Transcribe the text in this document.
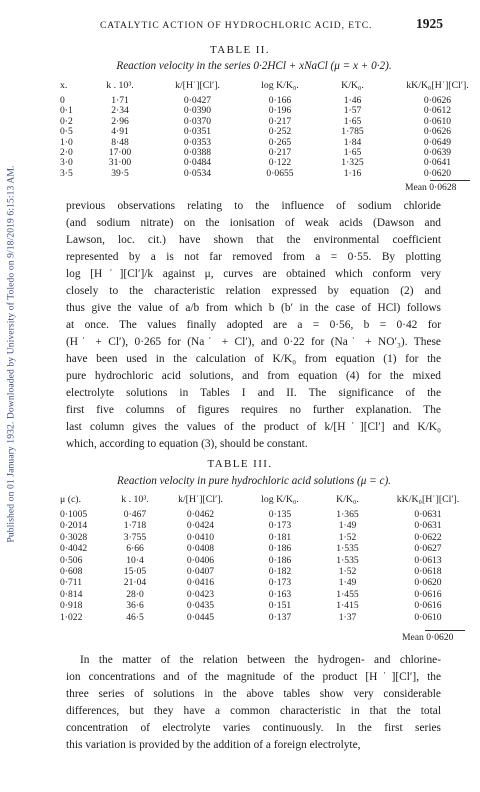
Published on 01 January 1932. Downloaded by University of Toledo on 9/18/2019 6:15:13 AM.
CATALYTIC ACTION OF HYDROCHLORIC ACID, ETC.	1925
TABLE II.
Reaction velocity in the series 0·2HCl + xNaCl (μ = x + 0·2).
x.	k . 10³.	k/[H˙][Cl′].	log K/K₀.	K/K₀.	kK/K₀[H˙][Cl′].
0	1·71	0·0427	0·166	1·46	0·0626
0·1	2·34	0·0390	0·196	1·57	0·0612
0·2	2·96	0·0370	0·217	1·65	0·0610
0·5	4·91	0·0351	0·252	1·785	0·0626
1·0	8·48	0·0353	0·265	1·84	0·0649
2·0	17·00	0·0388	0·217	1·65	0·0639
3·0	31·00	0·0484	0·122	1·325	0·0641
3·5	39·5	0·0534	0·0655	1·16	0·0620
Mean 0·0628
previous observations relating to the influence of sodium chloride
(and sodium nitrate) on the ionisation of weak acids (Dawson and
Lawson, loc. cit.) have shown that the environmental coefficient
represented by a is not far removed from a = 0·55. By plotting
log [H˙][Cl′]/k against μ, curves are obtained which conform very
closely to the characteristic relation expressed by equation (2) and
thus give the value of a/b from which b (b′ in the case of HCl) follows
at once. The values finally adopted are a = 0·56, b = 0·42 for
(H˙ + Cl′), 0·265 for (Na˙ + Cl′), and 0·22 for (Na˙ + NO′₃). These
have been used in the calculation of K/K₀ from equation (1) for the
pure hydrochloric acid solutions, and from equation (4) for the mixed
electrolyte solutions in Tables I and II. The significance of the
first five columns of figures requires no further explanation. The
last column gives the values of the product of k/[H˙][Cl′] and K/K₀
which, according to equation (3), should be constant.
TABLE III.
Reaction velocity in pure hydrochloric acid solutions (μ = c).
μ (c).	k . 10³.	k/[H˙][Cl′].	log K/K₀.	K/K₀.	kK/K₀[H˙][Cl′].
0·1005	0·467	0·0462	0·135	1·365	0·0631
0·2014	1·718	0·0424	0·173	1·49	0·0631
0·3028	3·755	0·0410	0·181	1·52	0·0622
0·4042	6·66	0·0408	0·186	1·535	0·0627
0·506	10·4	0·0406	0·186	1·535	0·0613
0·608	15·05	0·0407	0·182	1·52	0·0618
0·711	21·04	0·0416	0·173	1·49	0·0620
0·814	28·0	0·0423	0·163	1·455	0·0616
0·918	36·6	0·0435	0·151	1·415	0·0616
1·022	46·5	0·0445	0·137	1·37	0·0610
Mean 0·0620
In the matter of the relation between the hydrogen- and chlorine-
ion concentrations and of the magnitude of the product [H˙][Cl′], the
three series of solutions in the above tables show very considerable
differences, but they have a common characteristic in that the total
concentration of electrolyte varies continuously. In the first series
this variation is provided by the addition of a foreign electrolyte,
